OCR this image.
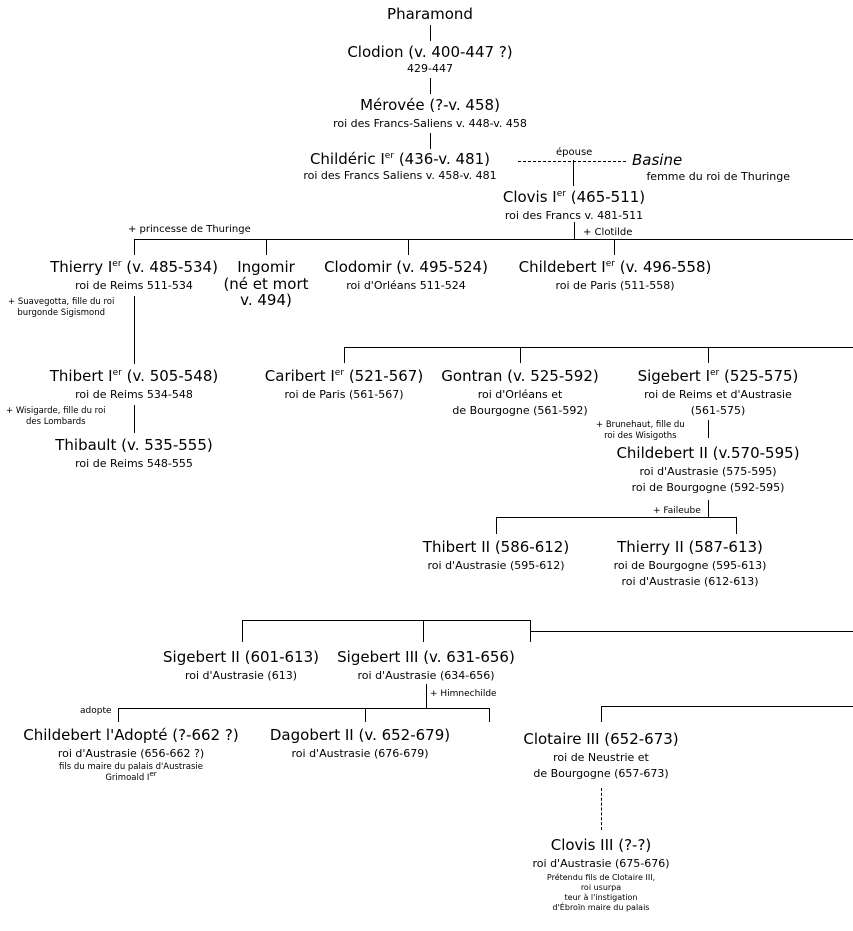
épouse
+ princesse de Thuringe	+ Clotilde
+ Suavegotta, fille du roi
burgonde Sigismond
+ Wisigarde, fille du roi
des Lombards	+ Brunehaut, fille du
roi des Wisigoths
+ Faileube
+ Himnechilde
adopte
Pharamond
Clodion (v. 400-447 ?)
429-447
Mérovée (?-v. 458)
roi des Francs-Saliens v. 448-v. 458
Childéric Ier (436-v. 481)
roi des Francs Saliens v. 458-v. 481
Basine
femme du roi de Thuringe
Clovis Ier (465-511)
roi des Francs v. 481-511
Thierry Ier (v. 485-534)
roi de Reims 511-534
Ingomir
(né et mort
v. 494)
Clodomir (v. 495-524)
roi d'Orléans 511-524
Childebert Ier (v. 496-558)
roi de Paris (511-558)
Thibert Ier (v. 505-548)
roi de Reims 534-548
Thibault (v. 535-555)
roi de Reims 548-555
Caribert Ier (521-567)
roi de Paris (561-567)
Gontran (v. 525-592)
roi d'Orléans et
de Bourgogne (561-592)
Sigebert Ier (525-575)
roi de Reims et d'Austrasie
(561-575)
Childebert II (v.570-595)
roi d'Austrasie (575-595)
roi de Bourgogne (592-595)
Thibert II (586-612)
roi d'Austrasie (595-612)
Thierry II (587-613)
roi de Bourgogne (595-613)
roi d'Austrasie (612-613)
Sigebert II (601-613)
roi d'Austrasie (613)
Sigebert III (v. 631-656)
roi d'Austrasie (634-656)
Childebert l'Adopté (?-662 ?)
roi d'Austrasie (656-662 ?)
fils du maire du palais d'Austrasie
Grimoald Ier
Dagobert II (v. 652-679)
roi d'Austrasie (676-679)
Clotaire III (652-673)
roi de Neustrie et
de Bourgogne (657-673)
Clovis III (?-?)
roi d'Austrasie (675-676)
Prétendu fils de Clotaire III,
roi usurpa
teur à l'instigation
d'Ébroïn maire du palais
